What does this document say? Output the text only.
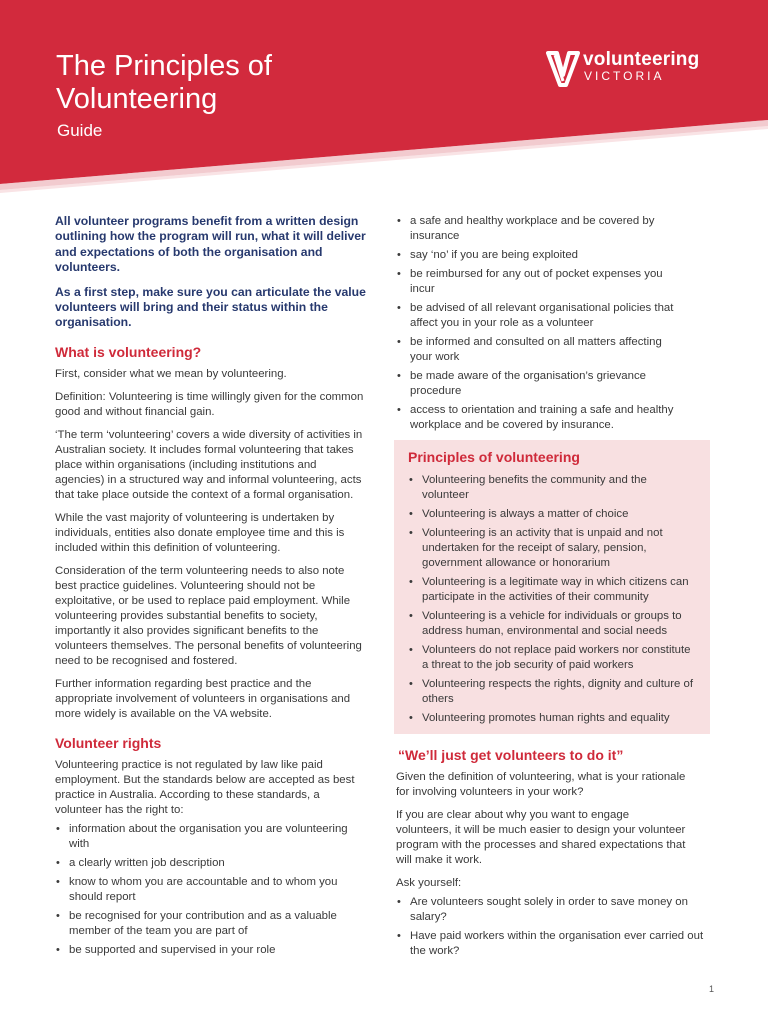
The Principles of Volunteering

Guide

volunteering
VICTORIA

All volunteer programs benefit from a written design outlining how the program will run, what it will deliver and expectations of both the organisation and volunteers.

As a first step, make sure you can articulate the value volunteers will bring and their status within the organisation.

What is volunteering?

First, consider what we mean by volunteering.

Definition: Volunteering is time willingly given for the common good and without financial gain.

‘The term ‘volunteering’ covers a wide diversity of activities in Australian society. It includes formal volunteering that takes place within organisations (including institutions and agencies) in a structured way and informal volunteering, acts that take place outside the context of a formal organisation.

While the vast majority of volunteering is undertaken by individuals, entities also donate employee time and this is included within this definition of volunteering.

Consideration of the term volunteering needs to also note best practice guidelines. Volunteering should not be exploitative, or be used to replace paid employment. While volunteering provides substantial benefits to society, importantly it also provides significant benefits to the volunteers themselves. The personal benefits of volunteering need to be recognised and fostered.

Further information regarding best practice and the appropriate involvement of volunteers in organisations and more widely is available on the VA website.

Volunteer rights

Volunteering practice is not regulated by law like paid employment. But the standards below are accepted as best practice in Australia. According to these standards, a volunteer has the right to:

• information about the organisation you are volunteering with
• a clearly written job description
• know to whom you are accountable and to whom you should report
• be recognised for your contribution and as a valuable member of the team you are part of
• be supported and supervised in your role
• a safe and healthy workplace and be covered by insurance
• say ‘no’ if you are being exploited
• be reimbursed for any out of pocket expenses you incur
• be advised of all relevant organisational policies that affect you in your role as a volunteer
• be informed and consulted on all matters affecting your work
• be made aware of the organisation’s grievance procedure
• access to orientation and training a safe and healthy workplace and be covered by insurance.
Principles of volunteering
• Volunteering benefits the community and the volunteer
• Volunteering is always a matter of choice
• Volunteering is an activity that is unpaid and not undertaken for the receipt of salary, pension, government allowance or honorarium
• Volunteering is a legitimate way in which citizens can participate in the activities of their community
• Volunteering is a vehicle for individuals or groups to address human, environmental and social needs
• Volunteers do not replace paid workers nor constitute a threat to the job security of paid workers
• Volunteering respects the rights, dignity and culture of others
• Volunteering promotes human rights and equality
“We’ll just get volunteers to do it”

Given the definition of volunteering, what is your rationale for involving volunteers in your work?

If you are clear about why you want to engage volunteers, it will be much easier to design your volunteer program with the processes and shared expectations that will make it work.

Ask yourself:

• Are volunteers sought solely in order to save money on salary?
• Have paid workers within the organisation ever carried out the work?
1
